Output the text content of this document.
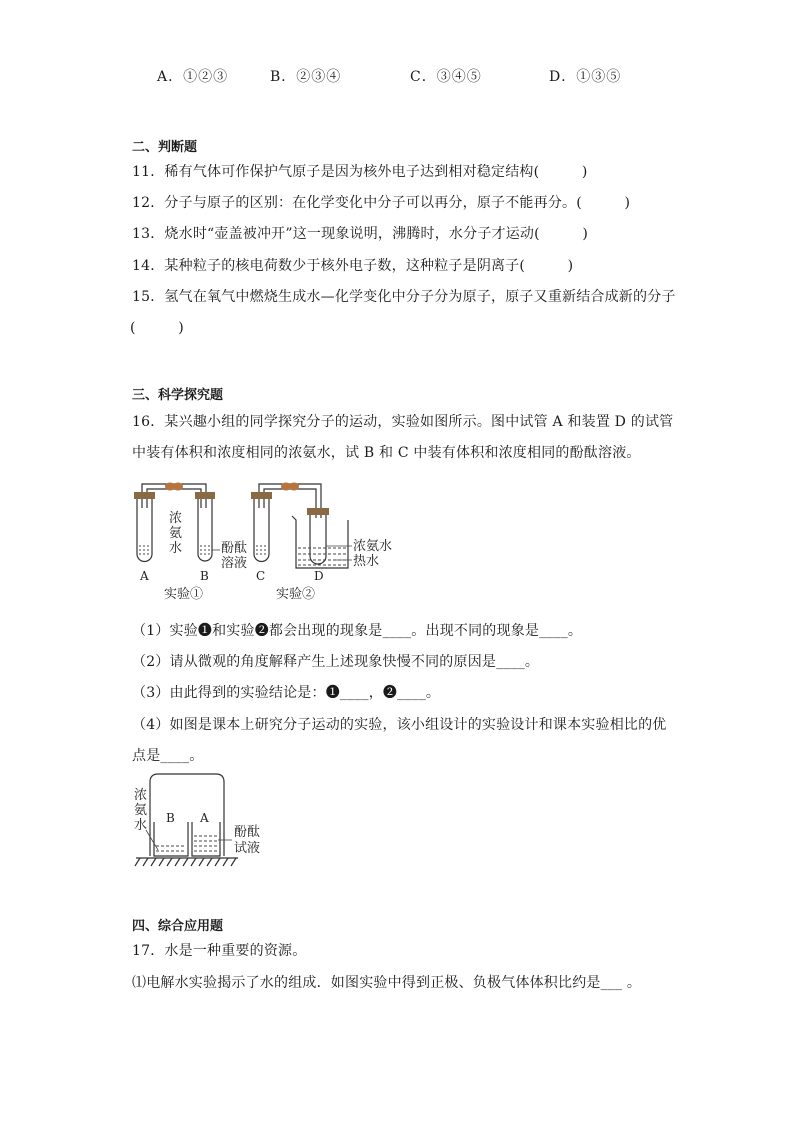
A．①②③	B．②③④	C．③④⑤	D．①③⑤
二、判断题
11．稀有气体可作保护气原子是因为核外电子达到相对稳定结构(　　　)
12．分子与原子的区别：在化学变化中分子可以再分，原子不能再分。(　　　)
13．烧水时“壶盖被冲开”这一现象说明，沸腾时，水分子才运动(　　　)
14．某种粒子的核电荷数少于核外电子数，这种粒子是阴离子(　　　)
15．氢气在氧气中燃烧生成水—化学变化中分子分为原子，原子又重新结合成新的分子
(　　　)
三、科学探究题
16．某兴趣小组的同学探究分子的运动，实验如图所示。图中试管 A 和装置 D 的试管
中装有体积和浓度相同的浓氨水，试 B 和 C 中装有体积和浓度相同的酚酞溶液。
浓
氨
水	酚酞
溶液
浓氨水
热水
A	B	C	D
实验①	实验②
（1）实验❶和实验❷都会出现的现象是____。出现不同的现象是____。
（2）请从微观的角度解释产生上述现象快慢不同的原因是____。
（3）由此得到的实验结论是：❶____，❷____。
（4）如图是课本上研究分子运动的实验，该小组设计的实验设计和课本实验相比的优
点是____。
浓
氨
水 B A
酚酞
试液
四、综合应用题
17．水是一种重要的资源。
⑴电解水实验揭示了水的组成．如图实验中得到正极、负极气体体积比约是___ 。
